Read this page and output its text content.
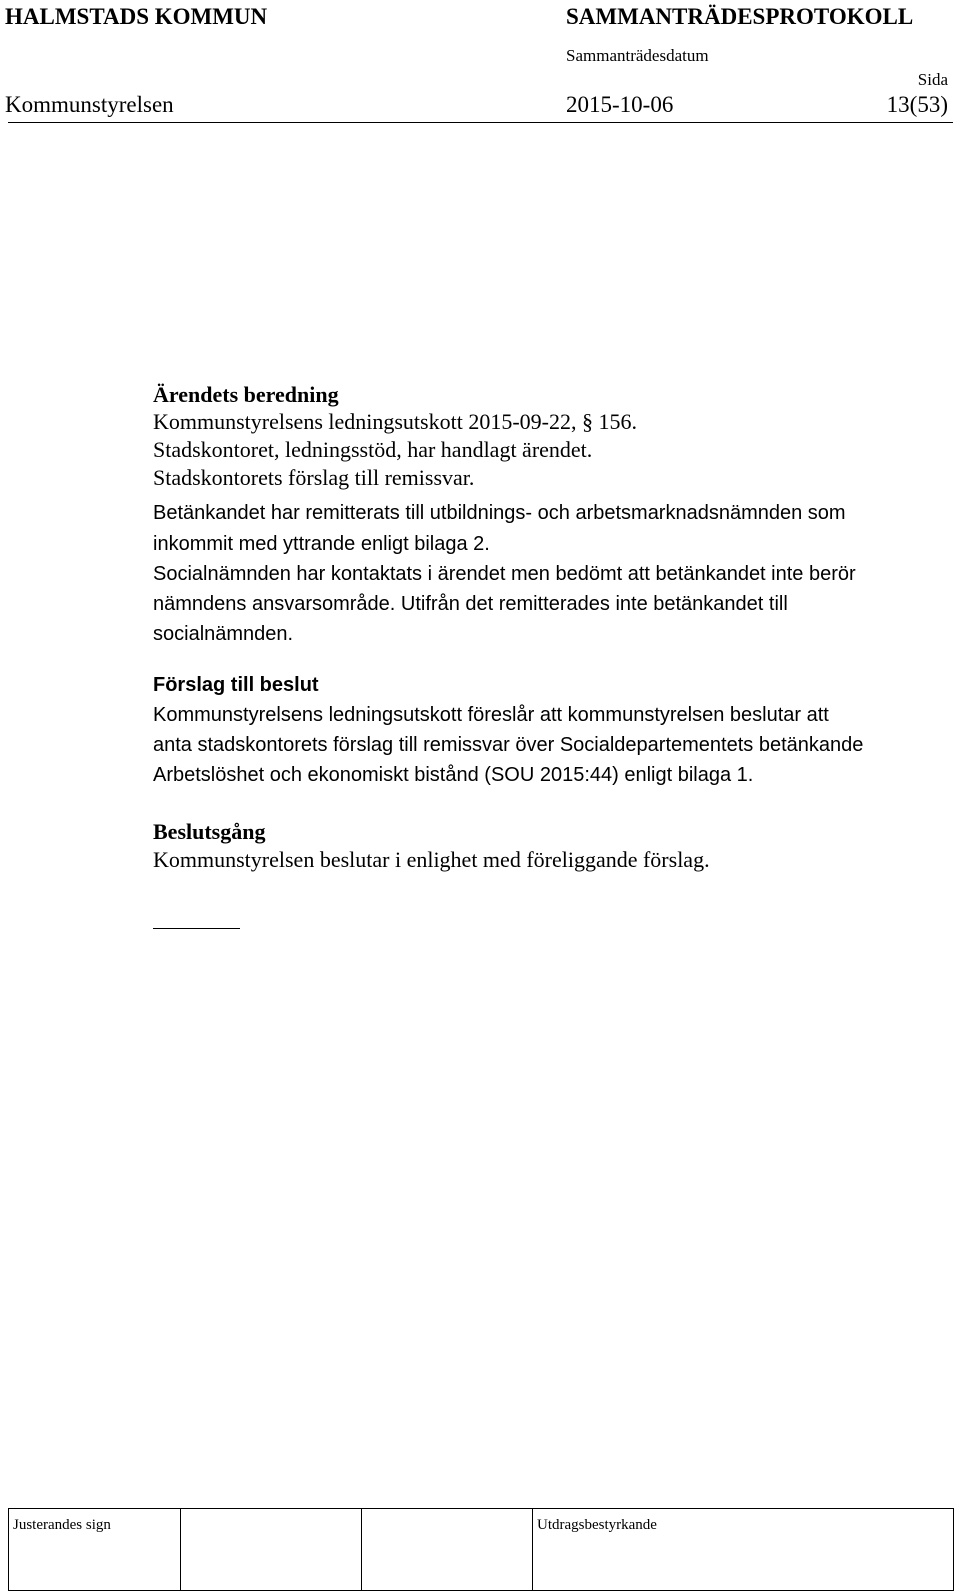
HALMSTADS KOMMUN	SAMMANTRÄDESPROTOKOLL
Sammanträdesdatum
Sida
Kommunstyrelsen	2015-10-06	13(53)
Ärendets beredning
Kommunstyrelsens ledningsutskott 2015-09-22, § 156.
Stadskontoret, ledningsstöd, har handlagt ärendet.
Stadskontorets förslag till remissvar.
Betänkandet har remitterats till utbildnings- och arbetsmarknadsnämnden som
inkommit med yttrande enligt bilaga 2.
Socialnämnden har kontaktats i ärendet men bedömt att betänkandet inte berör
nämndens ansvarsområde. Utifrån det remitterades inte betänkandet till
socialnämnden.
Förslag till beslut
Kommunstyrelsens ledningsutskott föreslår att kommunstyrelsen beslutar att
anta stadskontorets förslag till remissvar över Socialdepartementets betänkande
Arbetslöshet och ekonomiskt bistånd (SOU 2015:44) enligt bilaga 1.
Beslutsgång
Kommunstyrelsen beslutar i enlighet med föreliggande förslag.
Justerandes sign	Utdragsbestyrkande
